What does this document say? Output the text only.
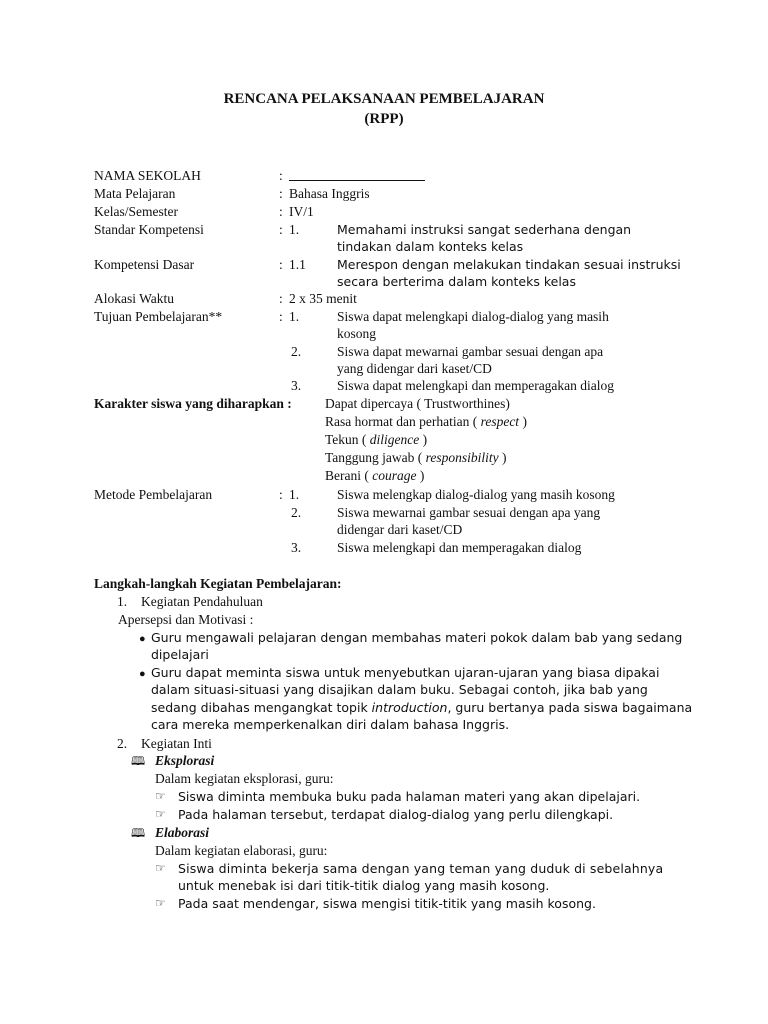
RENCANA PELAKSANAAN PEMBELAJARAN
(RPP)
NAMA SEKOLAH	:
Mata Pelajaran	: Bahasa Inggris
Kelas/Semester	: IV/1
Standar Kompetensi	: 1.	Memahami instruksi sangat sederhana dengan
tindakan dalam konteks kelas
Kompetensi Dasar	: 1.1 Merespon dengan melakukan tindakan sesuai instruksi
secara berterima dalam konteks kelas
Alokasi Waktu	: 2 x 35 menit
Tujuan Pembelajaran**	: 1.	Siswa dapat melengkapi dialog-dialog yang masih
kosong
2.	Siswa dapat mewarnai gambar sesuai dengan apa
yang didengar dari kaset/CD
3.	Siswa dapat melengkapi dan memperagakan dialog
Karakter siswa yang diharapkan : Dapat dipercaya ( Trustworthines)
Rasa hormat dan perhatian ( respect )
Tekun ( diligence )
Tanggung jawab ( responsibility )
Berani ( courage )
Metode Pembelajaran	: 1.	Siswa melengkap dialog-dialog yang masih kosong
2.	Siswa mewarnai gambar sesuai dengan apa yang
didengar dari kaset/CD
3.	Siswa melengkapi dan memperagakan dialog
Langkah-langkah Kegiatan Pembelajaran:
1. Kegiatan Pendahuluan
Apersepsi dan Motivasi :
● Guru mengawali pelajaran dengan membahas materi pokok dalam bab yang sedang
dipelajari
● Guru dapat meminta siswa untuk menyebutkan ujaran-ujaran yang biasa dipakai
dalam situasi-situasi yang disajikan dalam buku. Sebagai contoh, jika bab yang
sedang dibahas mengangkat topik introduction, guru bertanya pada siswa bagaimana
cara mereka memperkenalkan diri dalam bahasa Inggris.
2. Kegiatan Inti
🕮 Eksplorasi
Dalam kegiatan eksplorasi, guru:
☞ Siswa diminta membuka buku pada halaman materi yang akan dipelajari.
☞ Pada halaman tersebut, terdapat dialog-dialog yang perlu dilengkapi.
🕮 Elaborasi
Dalam kegiatan elaborasi, guru:
☞ Siswa diminta bekerja sama dengan yang teman yang duduk di sebelahnya
untuk menebak isi dari titik-titik dialog yang masih kosong.
☞ Pada saat mendengar, siswa mengisi titik-titik yang masih kosong.
